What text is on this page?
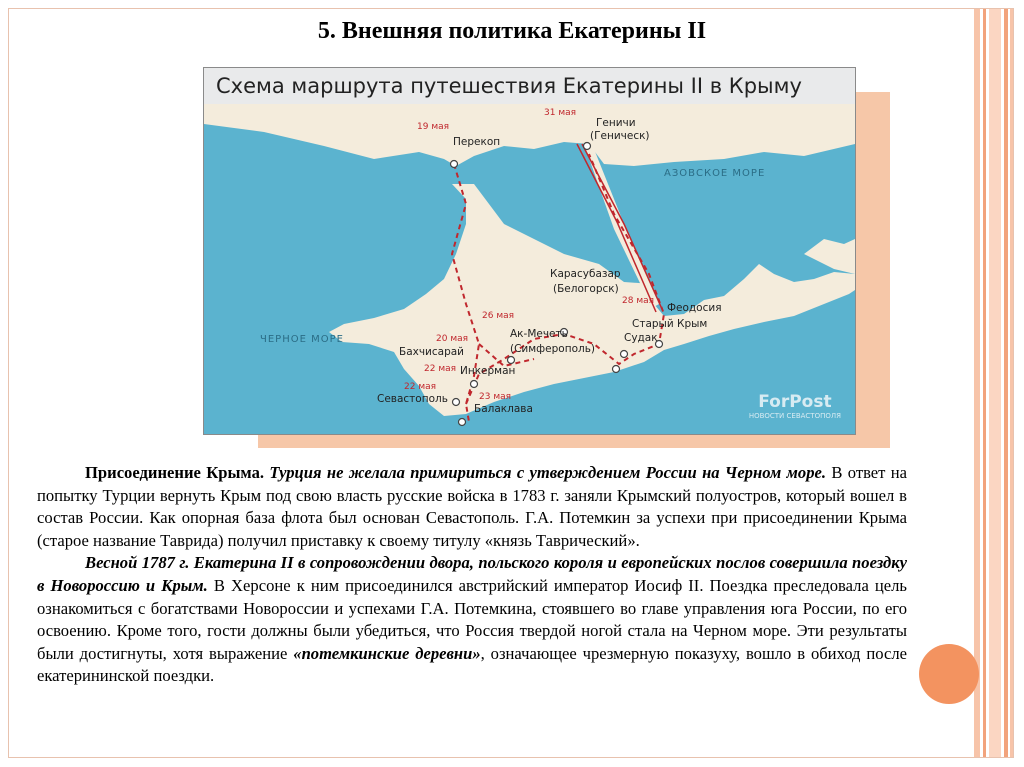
5. Внешняя политика Екатерины II
Схема маршрута путешествия Екатерины II в Крыму
АЗОВСКОЕ МОРЕ
ЧЕРНОЕ МОРЕ
Перекоп
Геничи
(Геническ)
Карасубазар
(Белогорск)
Феодосия
Старый Крым
Судак
Ак-Мечеть
(Симферополь)
Бахчисарай
Инкерман
Севастополь
Балаклава
19 мая
31 мая
28 мая
26 мая
20 мая
22 мая
22 мая
23 мая	ForPost
НОВОСТИ СЕВАСТОПОЛЯ

Присоединение Крыма. Турция не желала примириться с утверждением России на Черном море. В ответ на попытку Турции вернуть Крым под свою власть русские войска в 1783 г. заняли Крымский полуостров, который вошел в состав России. Как опорная база флота был основан Севастополь. Г.А. Потемкин за успехи при присоединении Крыма (старое название Таврида) получил приставку к своему титулу «князь Таврический».

Весной 1787 г. Екатерина II в сопровождении двора, польского короля и европейских послов совершила поездку в Новороссию и Крым. В Херсоне к ним присоединился австрийский император Иосиф II. Поездка преследовала цель ознакомиться с богатствами Новороссии и успехами Г.А. Потемкина, стоявшего во главе управления юга России, по его освоению. Кроме того, гости должны были убедиться, что Россия твердой ногой стала на Черном море. Эти результаты были достигнуты, хотя выражение «потемкинские деревни», означающее чрезмерную показуху, вошло в обиход после екатерининской поездки.
